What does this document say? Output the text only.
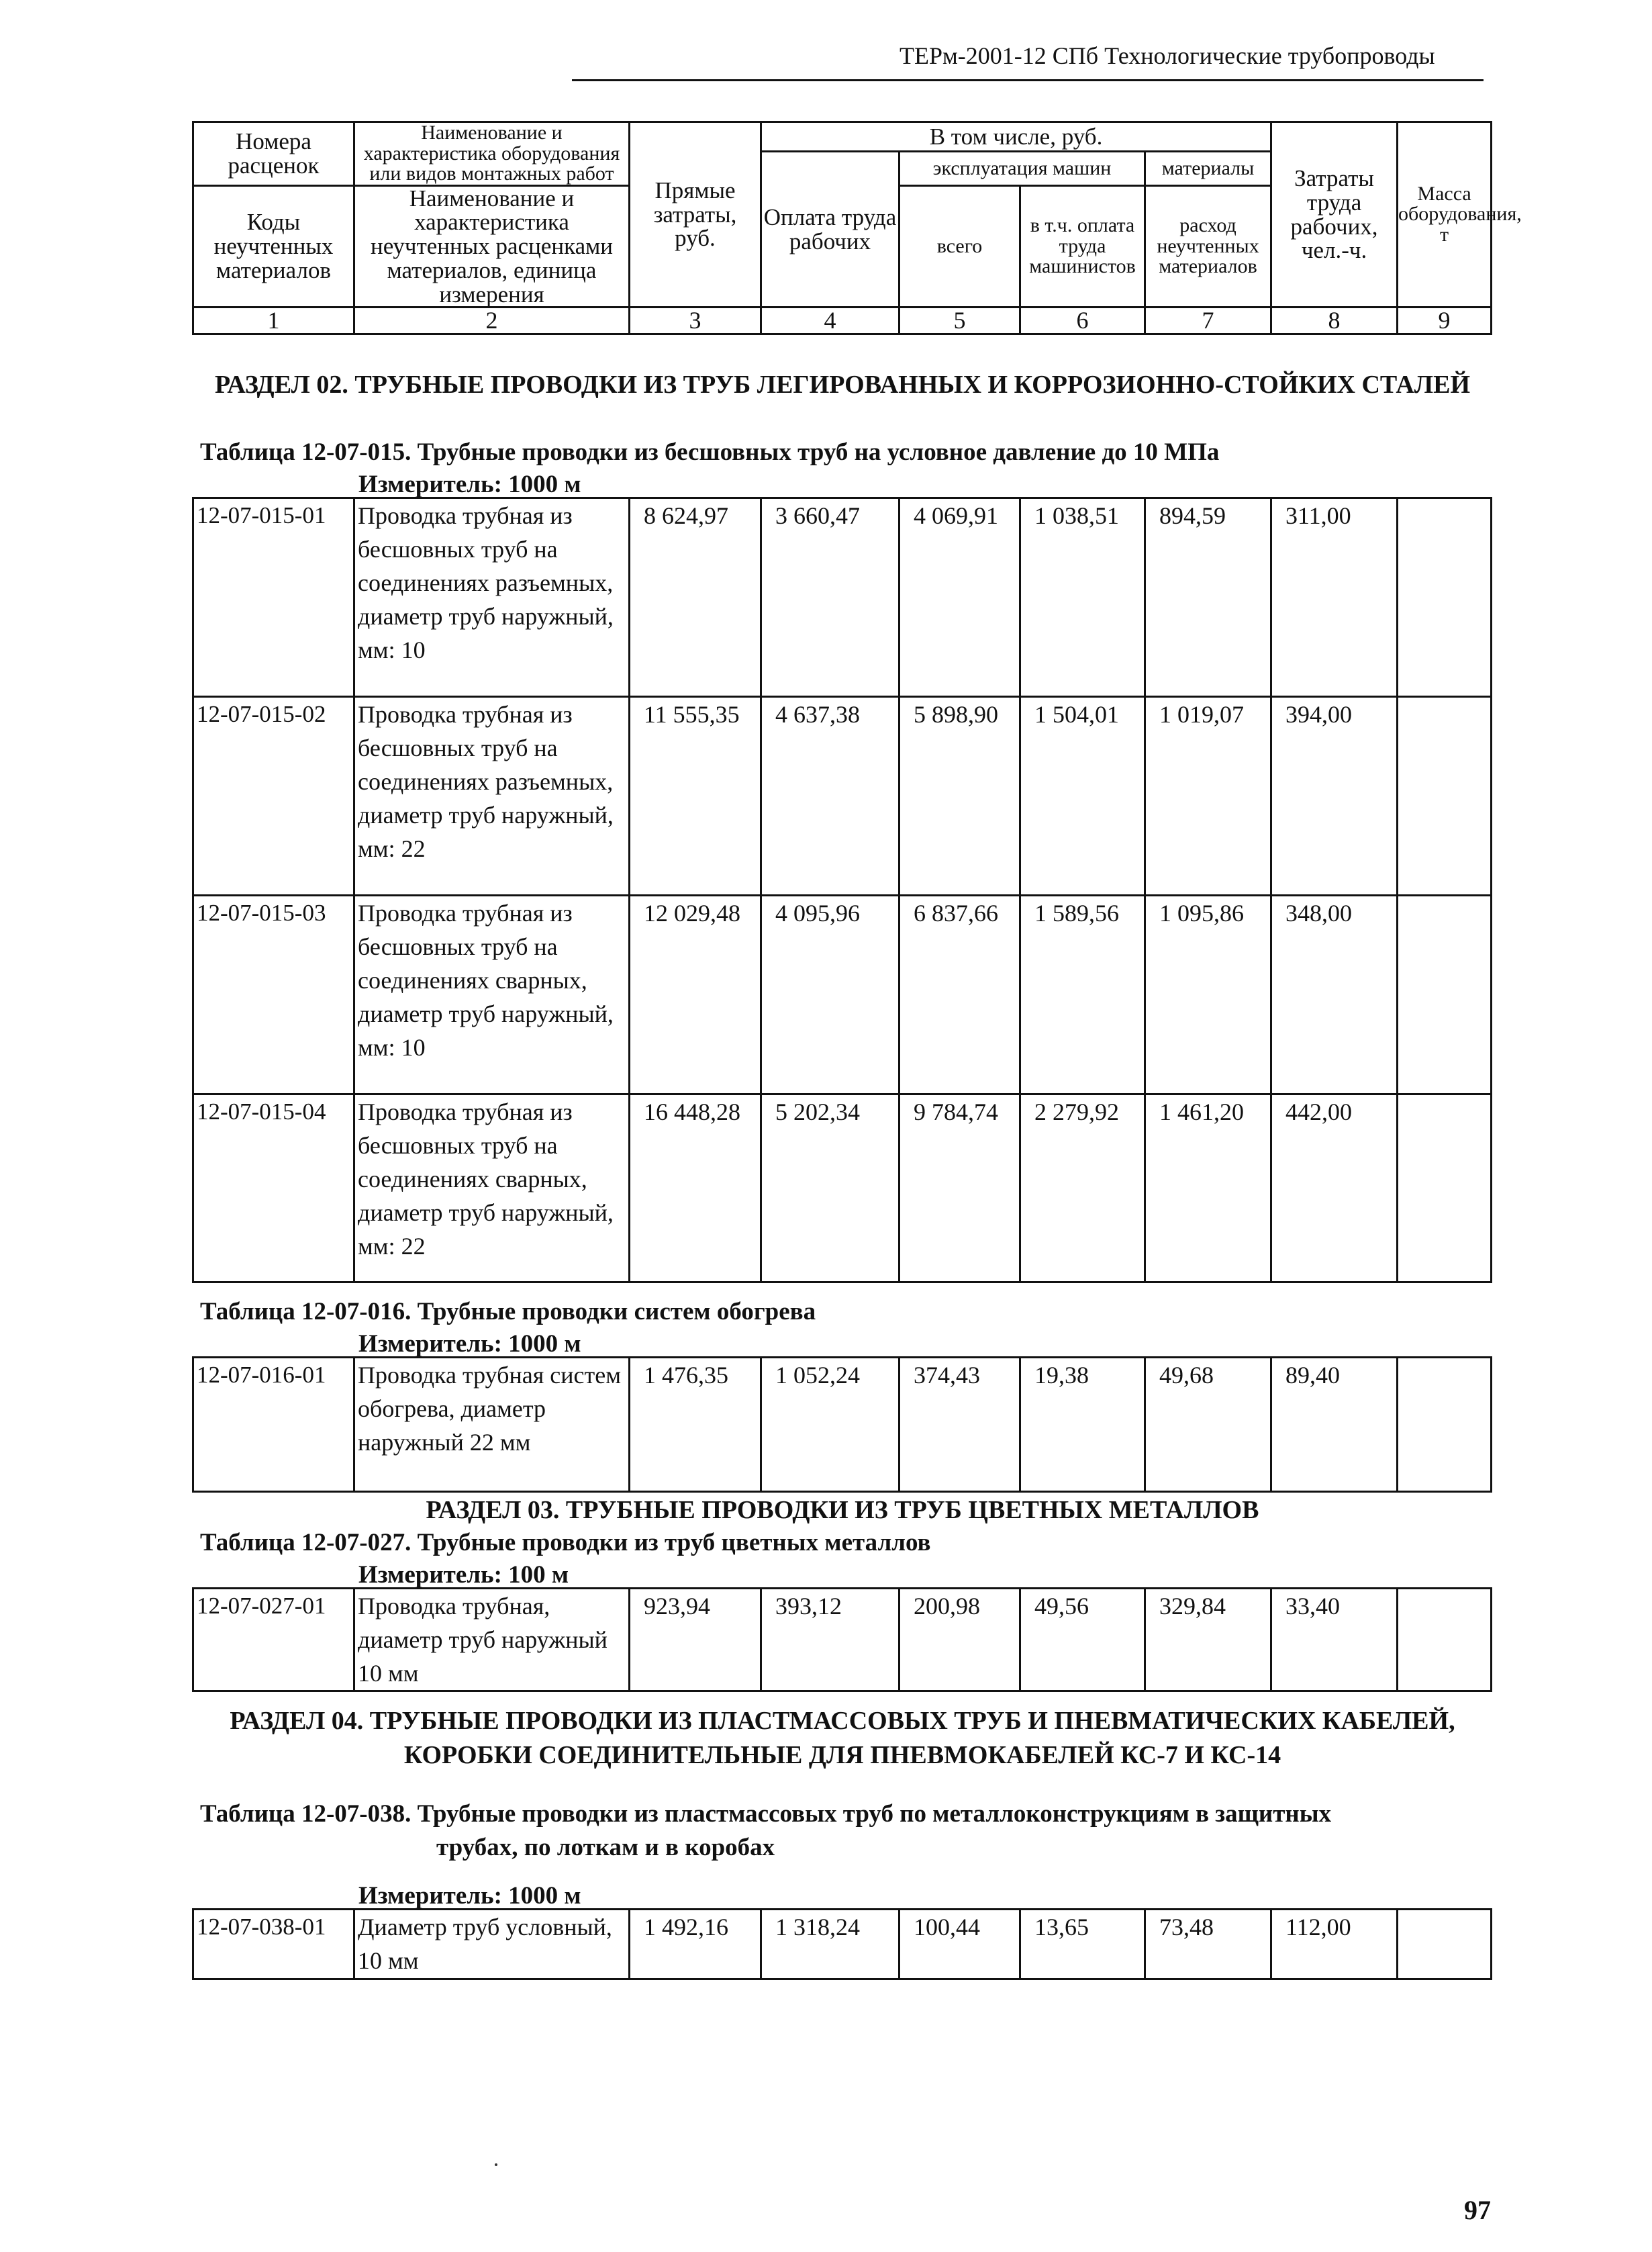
ТЕРм-2001-12 СПб Технологические трубопроводы
Номера расценок	Наименование и характеристика оборудования или видов монтажных работ	Прямые затраты, руб.	В том числе, руб.				Затраты труда рабочих, чел.-ч.	Масса оборудования, т
			Оплата труда рабочих	эксплуатация машин		материалы		
Коды неучтенных материалов	Наименование и характеристика неучтенных расценками материалов, единица измерения			всего	в т.ч. оплата труда машинистов	расход неучтенных материалов		

1	2	3	4	5	6	7	8	9
РАЗДЕЛ 02. ТРУБНЫЕ ПРОВОДКИ ИЗ ТРУБ ЛЕГИРОВАННЫХ И КОРРОЗИОННО-СТОЙКИХ СТАЛЕЙ
Таблица 12-07-015. Трубные проводки из бесшовных труб на условное давление до 10 МПа
Измеритель: 1000 м
12-07-015-01	Проводка трубная из бесшовных труб на соединениях разъемных, диаметр труб наружный, мм: 10	8 624,97	3 660,47	4 069,91	1 038,51	894,59	311,00	
12-07-015-02	Проводка трубная из бесшовных труб на соединениях разъемных, диаметр труб наружный, мм: 22	11 555,35	4 637,38	5 898,90	1 504,01	1 019,07	394,00	
12-07-015-03	Проводка трубная из бесшовных труб на соединениях сварных, диаметр труб наружный, мм: 10	12 029,48	4 095,96	6 837,66	1 589,56	1 095,86	348,00	
12-07-015-04	Проводка трубная из бесшовных труб на соединениях сварных, диаметр труб наружный, мм: 22	16 448,28	5 202,34	9 784,74	2 279,92	1 461,20	442,00	
Таблица 12-07-016. Трубные проводки систем обогрева
Измеритель: 1000 м
12-07-016-01	Проводка трубная систем обогрева, диаметр наружный 22 мм	1 476,35	1 052,24	374,43	19,38	49,68	89,40	
РАЗДЕЛ 03. ТРУБНЫЕ ПРОВОДКИ ИЗ ТРУБ ЦВЕТНЫХ МЕТАЛЛОВ
Таблица 12-07-027. Трубные проводки из труб цветных металлов
Измеритель: 100 м
12-07-027-01	Проводка трубная, диаметр труб наружный 10 мм	923,94	393,12	200,98	49,56	329,84	33,40	
РАЗДЕЛ 04. ТРУБНЫЕ ПРОВОДКИ ИЗ ПЛАСТМАССОВЫХ ТРУБ И ПНЕВМАТИЧЕСКИХ КАБЕЛЕЙ, КОРОБКИ СОЕДИНИТЕЛЬНЫЕ ДЛЯ ПНЕВМОКАБЕЛЕЙ КС-7 И КС-14
Таблица 12-07-038. Трубные проводки из пластмассовых труб по металлоконструкциям в защитных
трубах, по лоткам и в коробах
Измеритель: 1000 м
12-07-038-01	Диаметр труб условный, 10 мм	1 492,16	1 318,24	100,44	13,65	73,48	112,00	
97
